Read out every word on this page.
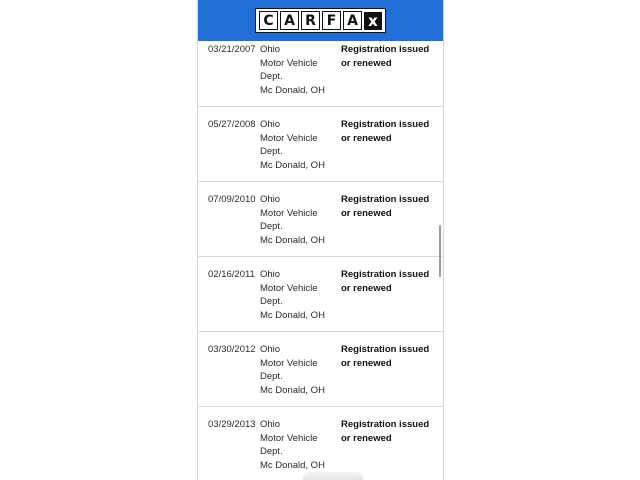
C A R F A x
03/21/2007 Ohio
Motor Vehicle
Dept.
Mc Donald, OH
Registration issued or renewed
05/27/2008 Ohio
Motor Vehicle
Dept.
Mc Donald, OH
Registration issued or renewed
07/09/2010 Ohio
Motor Vehicle
Dept.
Mc Donald, OH
Registration issued or renewed
02/16/2011 Ohio
Motor Vehicle
Dept.
Mc Donald, OH
Registration issued or renewed
03/30/2012 Ohio
Motor Vehicle
Dept.
Mc Donald, OH
Registration issued or renewed
03/29/2013 Ohio
Motor Vehicle
Dept.
Mc Donald, OH
Registration issued or renewed
